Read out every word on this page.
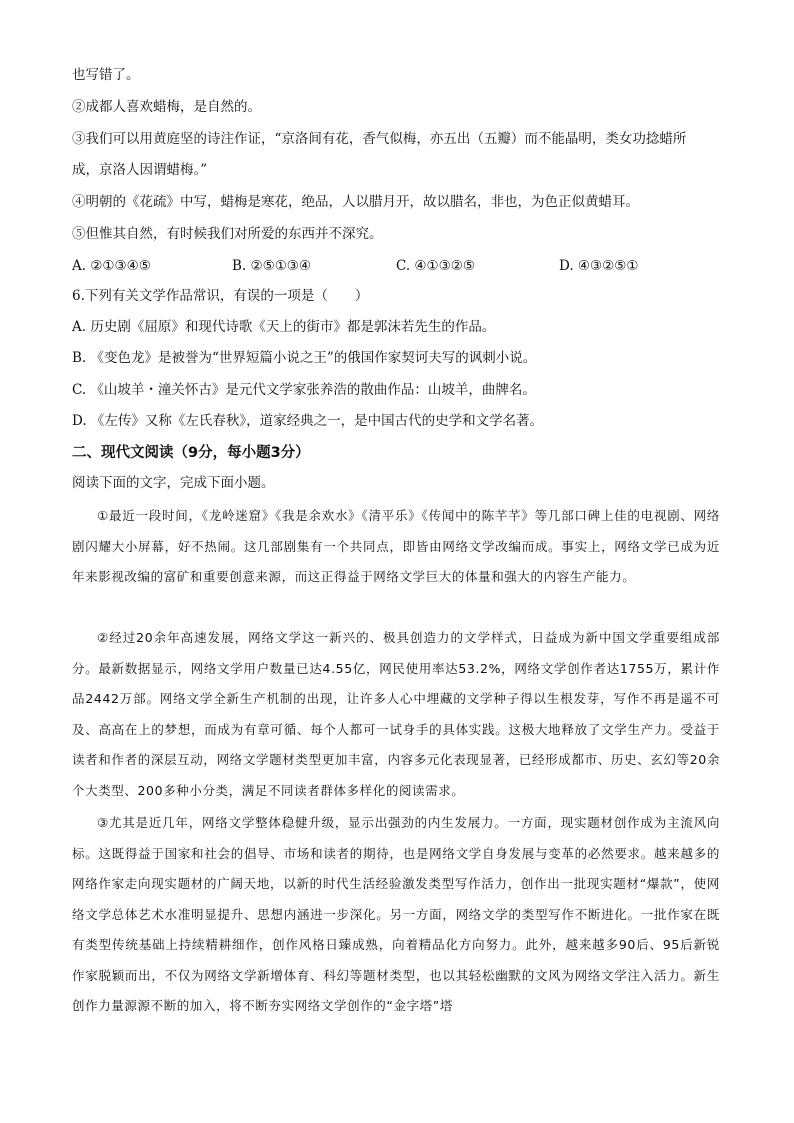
也写错了。
②成都人喜欢蜡梅，是自然的。
③我们可以用黄庭坚的诗注作证，“京洛间有花，香气似梅，亦五出（五瓣）而不能晶明，类女功捻蜡所
成，京洛人因谓蜡梅。”
④明朝的《花疏》中写，蜡梅是寒花，绝品，人以腊月开，故以腊名，非也，为色正似黄蜡耳。
⑤但惟其自然，有时候我们对所爱的东西并不深究。
A. ②①③④⑤	B. ②⑤①③④	C. ④①③②⑤	D. ④③②⑤①
6.下列有关文学作品常识，有误的一项是（　　）
A. 历史剧《屈原》和现代诗歌《天上的街市》都是郭沫若先生的作品。
B. 《变色龙》是被誉为“世界短篇小说之王”的俄国作家契诃夫写的讽刺小说。
C. 《山坡羊・潼关怀古》是元代文学家张养浩的散曲作品：山坡羊，曲牌名。
D. 《左传》又称《左氏春秋》，道家经典之一，是中国古代的史学和文学名著。
二、现代文阅读（9分，每小题3分）
阅读下面的文字，完成下面小题。
①最近一段时间，《龙岭迷窟》《我是余欢水》《清平乐》《传闻中的陈芊芊》等几部口碑上佳的电视剧、网络剧闪耀大小屏幕，好不热闹。这几部剧集有一个共同点，即皆由网络文学改编而成。事实上，网络文学已成为近年来影视改编的富矿和重要创意来源，而这正得益于网络文学巨大的体量和强大的内容生产能力。
②经过20余年高速发展，网络文学这一新兴的、极具创造力的文学样式，日益成为新中国文学重要组成部分。最新数据显示，网络文学用户数量已达4.55亿，网民使用率达53.2%，网络文学创作者达1755万，累计作品2442万部。网络文学全新生产机制的出现，让许多人心中埋藏的文学种子得以生根发芽，写作不再是遥不可及、高高在上的梦想，而成为有章可循、每个人都可一试身手的具体实践。这极大地释放了文学生产力。受益于读者和作者的深层互动，网络文学题材类型更加丰富，内容多元化表现显著，已经形成都市、历史、玄幻等20余个大类型、200多种小分类，满足不同读者群体多样化的阅读需求。
③尤其是近几年，网络文学整体稳健升级，显示出强劲的内生发展力。一方面，现实题材创作成为主流风向标。这既得益于国家和社会的倡导、市场和读者的期待，也是网络文学自身发展与变革的必然要求。越来越多的网络作家走向现实题材的广阔天地，以新的时代生活经验激发类型写作活力，创作出一批现实题材“爆款”，使网络文学总体艺术水准明显提升、思想内涵进一步深化。另一方面，网络文学的类型写作不断进化。一批作家在既有类型传统基础上持续精耕细作，创作风格日臻成熟，向着精品化方向努力。此外，越来越多90后、95后新锐作家脱颖而出，不仅为网络文学新增体育、科幻等题材类型，也以其轻松幽默的文风为网络文学注入活力。新生创作力量源源不断的加入，将不断夯实网络文学创作的“金字塔”塔
